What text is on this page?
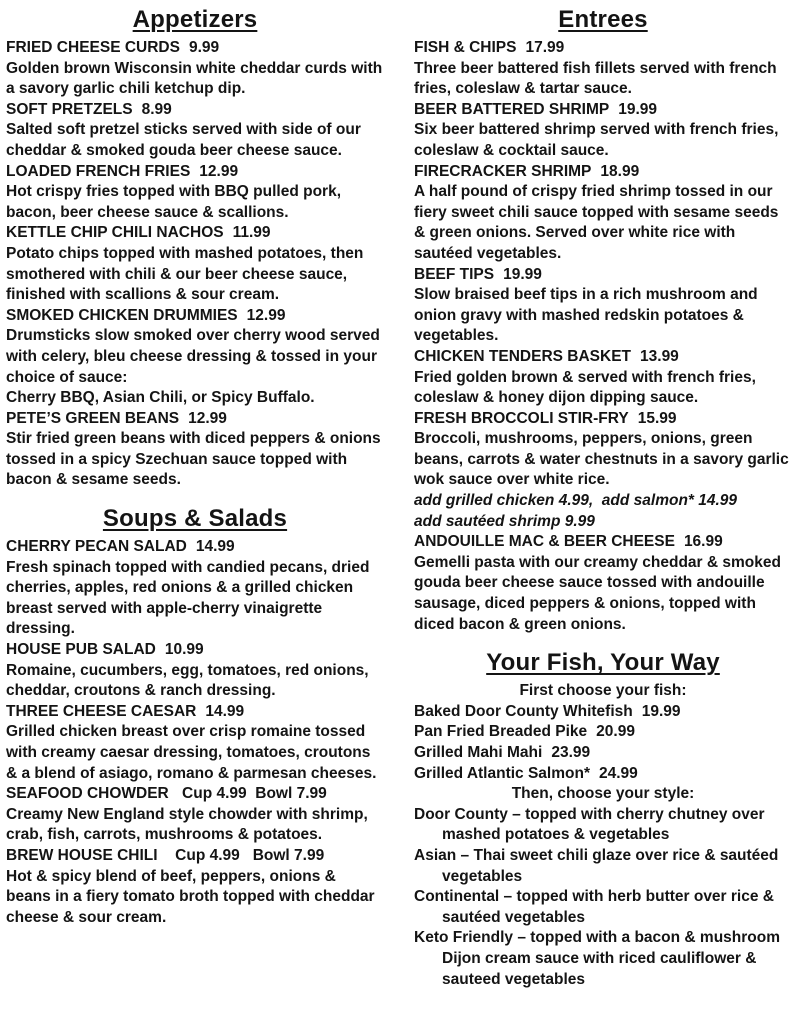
Appetizers
FRIED CHEESE CURDS 9.99

Golden brown Wisconsin white cheddar curds with a savory garlic chili ketchup dip.

SOFT PRETZELS 8.99

Salted soft pretzel sticks served with side of our cheddar & smoked gouda beer cheese sauce.

LOADED FRENCH FRIES 12.99

Hot crispy fries topped with BBQ pulled pork, bacon, beer cheese sauce & scallions.

KETTLE CHIP CHILI NACHOS 11.99

Potato chips topped with mashed potatoes, then smothered with chili & our beer cheese sauce, finished with scallions & sour cream.

SMOKED CHICKEN DRUMMIES 12.99

Drumsticks slow smoked over cherry wood served with celery, bleu cheese dressing & tossed in your choice of sauce:

Cherry BBQ, Asian Chili, or Spicy Buffalo.

PETE’S GREEN BEANS 12.99

Stir fried green beans with diced peppers & onions tossed in a spicy Szechuan sauce topped with bacon & sesame seeds.

Soups & Salads
CHERRY PECAN SALAD 14.99

Fresh spinach topped with candied pecans, dried cherries, apples, red onions & a grilled chicken breast served with apple-cherry vinaigrette dressing.

HOUSE PUB SALAD 10.99

Romaine, cucumbers, egg, tomatoes, red onions, cheddar, croutons & ranch dressing.

THREE CHEESE CAESAR 14.99

Grilled chicken breast over crisp romaine tossed with creamy caesar dressing, tomatoes, croutons & a blend of asiago, romano & parmesan cheeses.

SEAFOOD CHOWDER Cup 4.99  Bowl 7.99

Creamy New England style chowder with shrimp, crab, fish, carrots, mushrooms & potatoes.

BREW HOUSE CHILI  Cup 4.99   Bowl 7.99

Hot & spicy blend of beef, peppers, onions & beans in a fiery tomato broth topped with cheddar cheese & sour cream.

Entrees
FISH & CHIPS 17.99

Three beer battered fish fillets served with french fries, coleslaw & tartar sauce.

BEER BATTERED SHRIMP 19.99

Six beer battered shrimp served with french fries, coleslaw & cocktail sauce.

FIRECRACKER SHRIMP 18.99

A half pound of crispy fried shrimp tossed in our fiery sweet chili sauce topped with sesame seeds & green onions. Served over white rice with sautéed vegetables.

BEEF TIPS 19.99

Slow braised beef tips in a rich mushroom and onion gravy with mashed redskin potatoes & vegetables.

CHICKEN TENDERS BASKET 13.99

Fried golden brown & served with french fries, coleslaw & honey dijon dipping sauce.

FRESH BROCCOLI STIR-FRY 15.99

Broccoli, mushrooms, peppers, onions, green beans, carrots & water chestnuts in a savory garlic wok sauce over white rice.

add grilled chicken 4.99,  add salmon* 14.99

add sautéed shrimp 9.99

ANDOUILLE MAC & BEER CHEESE 16.99

Gemelli pasta with our creamy cheddar & smoked gouda beer cheese sauce tossed with andouille sausage, diced peppers & onions, topped with diced bacon & green onions.

Your Fish, Your Way

First choose your fish:

Baked Door County Whitefish 19.99
Pan Fried Breaded Pike 20.99
Grilled Mahi Mahi 23.99
Grilled Atlantic Salmon* 24.99

Then, choose your style:

Door County – topped with cherry chutney over mashed potatoes & vegetables

Asian – Thai sweet chili glaze over rice & sautéed vegetables

Continental – topped with herb butter over rice & sautéed vegetables

Keto Friendly – topped with a bacon & mushroom Dijon cream sauce with riced cauliflower & sauteed vegetables
